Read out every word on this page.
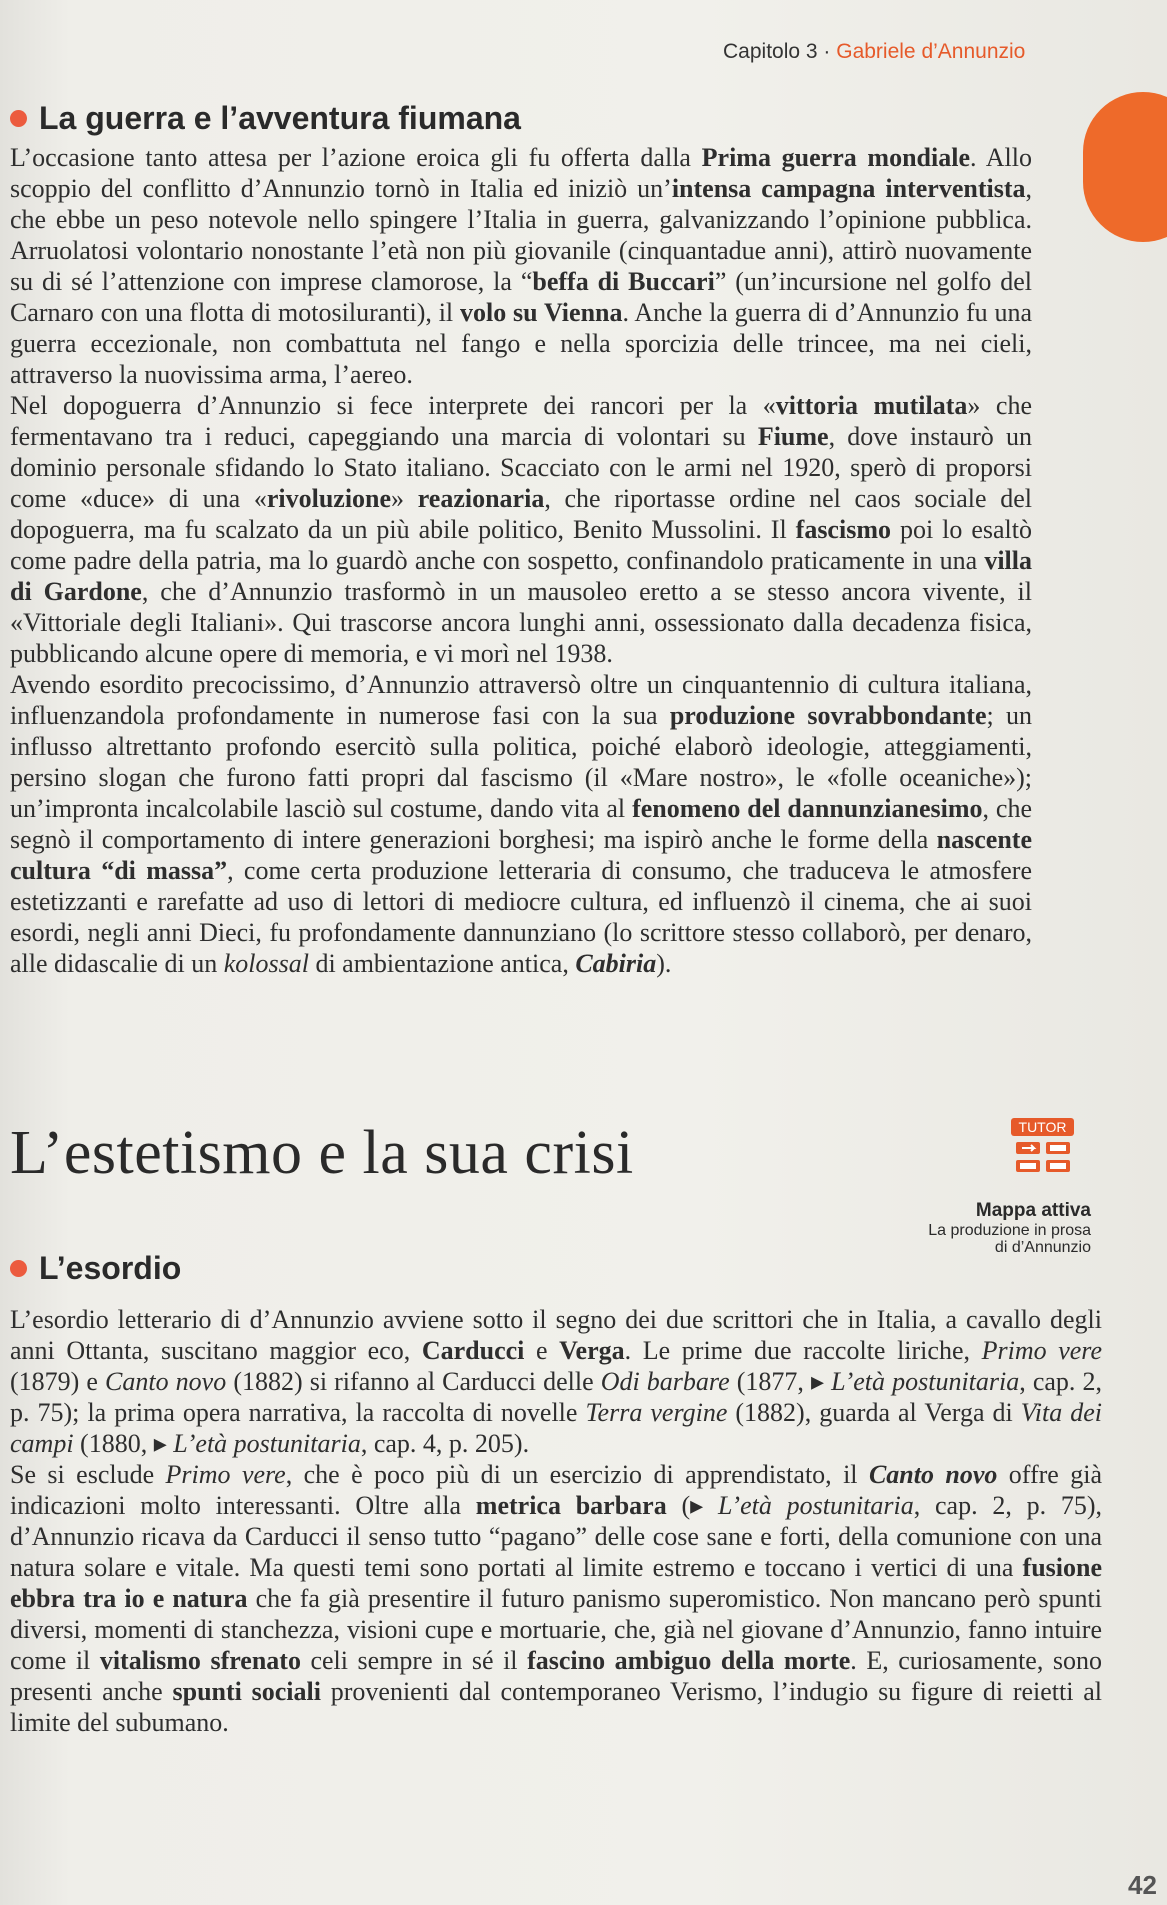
Capitolo 3 · Gabriele d’Annunzio
La guerra e l’avventura fiumana

L’occasione tanto attesa per l’azione eroica gli fu offerta dalla Prima guerra mondiale. Allo scoppio del conflitto d’Annunzio tornò in Italia ed iniziò un’intensa campagna interventista, che ebbe un peso notevole nello spingere l’Italia in guerra, galvanizzando l’opinione pubblica. Arruolatosi volontario nonostante l’età non più giovanile (cinquantadue anni), attirò nuovamente su di sé l’attenzione con imprese clamorose, la “beffa di Buccari” (un’incursione nel golfo del Carnaro con una flotta di motosiluranti), il volo su Vienna. Anche la guerra di d’Annunzio fu una guerra eccezionale, non combattuta nel fango e nella sporcizia delle trincee, ma nei cieli, attraverso la nuovissima arma, l’aereo.

Nel dopoguerra d’Annunzio si fece interprete dei rancori per la «vittoria mutilata» che fermentavano tra i reduci, capeggiando una marcia di volontari su Fiume, dove instaurò un dominio personale sfidando lo Stato italiano. Scacciato con le armi nel 1920, sperò di proporsi come «duce» di una «rivoluzione» reazionaria, che riportasse ordine nel caos sociale del dopoguerra, ma fu scalzato da un più abile politico, Benito Mussolini. Il fascismo poi lo esaltò come padre della patria, ma lo guardò anche con sospetto, confinandolo praticamente in una villa di Gardone, che d’Annunzio trasformò in un mausoleo eretto a se stesso ancora vivente, il «Vittoriale degli Italiani». Qui trascorse ancora lunghi anni, ossessionato dalla decadenza fisica, pubblicando alcune opere di memoria, e vi morì nel 1938.

Avendo esordito precocissimo, d’Annunzio attraversò oltre un cinquantennio di cultura italiana, influenzandola profondamente in numerose fasi con la sua produzione sovrabbondante; un influsso altrettanto profondo esercitò sulla politica, poiché elaborò ideologie, atteggiamenti, persino slogan che furono fatti propri dal fascismo (il «Mare nostro», le «folle oceaniche»); un’impronta incalcolabile lasciò sul costume, dando vita al fenomeno del dannunzianesimo, che segnò il comportamento di intere generazioni borghesi; ma ispirò anche le forme della nascente cultura “di massa”, come certa produzione letteraria di consumo, che traduceva le atmosfere estetizzanti e rarefatte ad uso di lettori di mediocre cultura, ed influenzò il cinema, che ai suoi esordi, negli anni Dieci, fu profondamente dannunziano (lo scrittore stesso collaborò, per denaro, alle didascalie di un kolossal di ambientazione antica, Cabiria).

L’estetismo e la sua crisi	TUTOR
Mappa attiva
La produzione in prosa
di d’Annunzio
L’esordio

L’esordio letterario di d’Annunzio avviene sotto il segno dei due scrittori che in Italia, a cavallo degli anni Ottanta, suscitano maggior eco, Carducci e Verga. Le prime due raccolte liriche, Primo vere (1879) e Canto novo (1882) si rifanno al Carducci delle Odi barbare (1877, ▸ L’età postunitaria, cap. 2, p. 75); la prima opera narrativa, la raccolta di novelle Terra vergine (1882), guarda al Verga di Vita dei campi (1880, ▸ L’età postunitaria, cap. 4, p. 205).

Se si esclude Primo vere, che è poco più di un esercizio di apprendistato, il Canto novo offre già indicazioni molto interessanti. Oltre alla metrica barbara (▸ L’età postunitaria, cap. 2, p. 75), d’Annunzio ricava da Carducci il senso tutto “pagano” delle cose sane e forti, della comunione con una natura solare e vitale. Ma questi temi sono portati al limite estremo e toccano i vertici di una fusione ebbra tra io e natura che fa già presentire il futuro panismo superomistico. Non mancano però spunti diversi, momenti di stanchezza, visioni cupe e mortuarie, che, già nel giovane d’Annunzio, fanno intuire come il vitalismo sfrenato celi sempre in sé il fascino ambiguo della morte. E, curiosamente, sono presenti anche spunti sociali provenienti dal contemporaneo Verismo, l’indugio su figure di reietti al limite del subumano.

42
